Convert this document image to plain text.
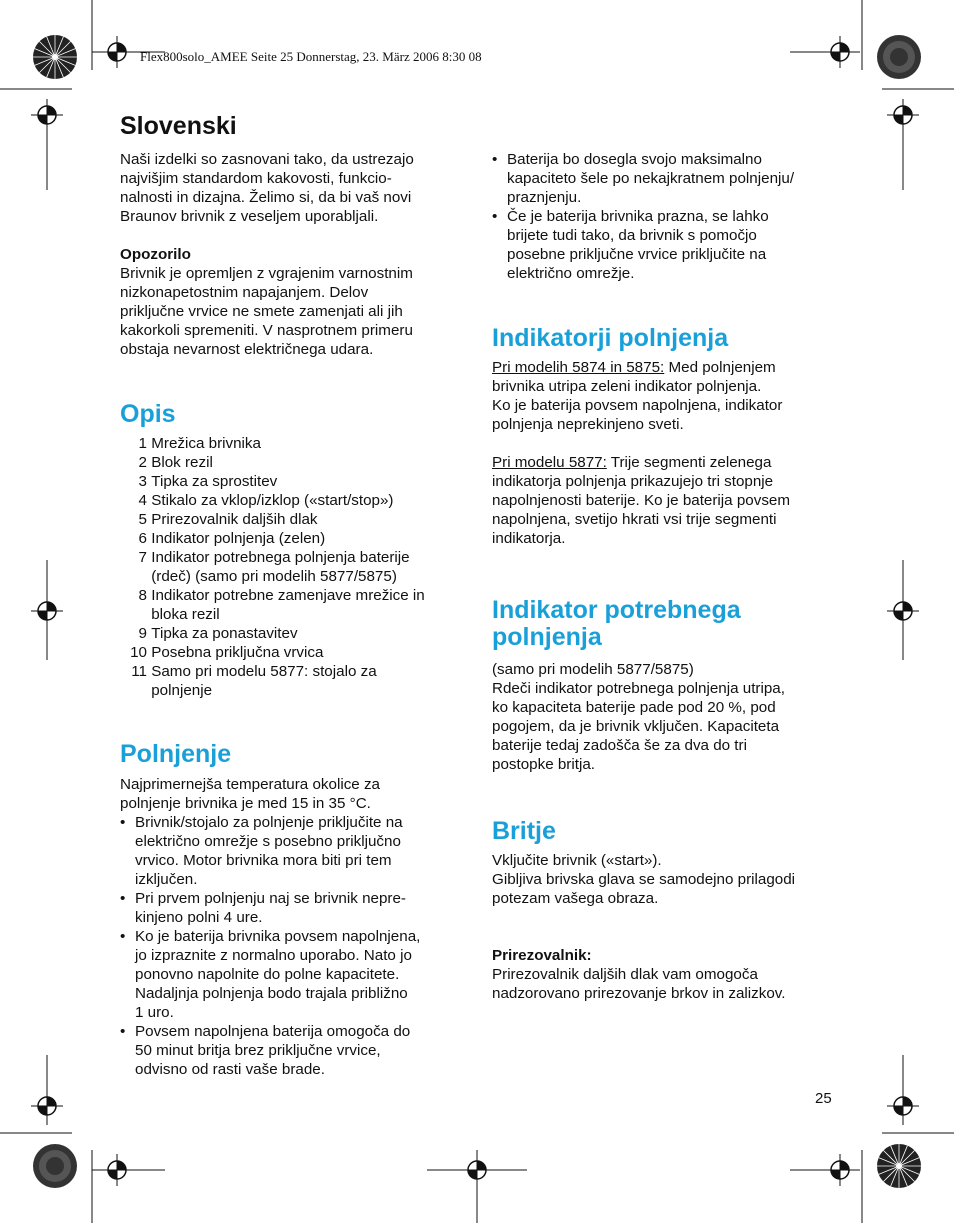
Flex800solo_AMEE Seite 25 Donnerstag, 23. März 2006 8:30 08
Slovenski

Naši izdelki so zasnovani tako, da ustrezajo
najvišjim standardom kakovosti, funkcio-
nalnosti in dizajna. Želimo si, da bi vaš novi
Braunov brivnik z veseljem uporabljali.

Opozorilo

Brivnik je opremljen z vgrajenim varnostnim
nizkonapetostnim napajanjem. Delov
priključne vrvice ne smete zamenjati ali jih
kakorkoli spremeniti. V nasprotnem primeru
obstaja nevarnost električnega udara.

Opis
1 Mrežica brivnika
2 Blok rezil
3 Tipka za sprostitev
4 Stikalo za vklop/izklop («start/stop»)
5 Prirezovalnik daljših dlak
6 Indikator polnjenja (zelen)
7 Indikator potrebnega polnjenja baterije
(rdeč) (samo pri modelih 5877/5875)
8 Indikator potrebne zamenjave mrežice in
bloka rezil
9 Tipka za ponastavitev
10 Posebna priključna vrvica
11 Samo pri modelu 5877: stojalo za
polnjenje
Polnjenje

Najprimernejša temperatura okolice za
polnjenje brivnika je med 15 in 35 °C.

• Brivnik/stojalo za polnjenje priključite na
električno omrežje s posebno priključno
vrvico. Motor brivnika mora biti pri tem
izključen.
• Pri prvem polnjenju naj se brivnik nepre-
kinjeno polni 4 ure.
• Ko je baterija brivnika povsem napolnjena,
jo izpraznite z normalno uporabo. Nato jo
ponovno napolnite do polne kapacitete.
Nadaljnja polnjenja bodo trajala približno
1 uro.
• Povsem napolnjena baterija omogoča do
50 minut britja brez priključne vrvice,
odvisno od rasti vaše brade.
• Baterija bo dosegla svojo maksimalno
kapaciteto šele po nekajkratnem polnjenju/
praznjenju.
• Če je baterija brivnika prazna, se lahko
brijete tudi tako, da brivnik s pomočjo
posebne priključne vrvice priključite na
električno omrežje.
Indikatorji polnjenja

Pri modelih 5874 in 5875: Med polnjenjem
brivnika utripa zeleni indikator polnjenja.
Ko je baterija povsem napolnjena, indikator
polnjenja neprekinjeno sveti.

Pri modelu 5877: Trije segmenti zelenega
indikatorja polnjenja prikazujejo tri stopnje
napolnjenosti baterije. Ko je baterija povsem
napolnjena, svetijo hkrati vsi trije segmenti
indikatorja.

Indikator potrebnega
polnjenja

(samo pri modelih 5877/5875)
Rdeči indikator potrebnega polnjenja utripa,
ko kapaciteta baterije pade pod 20 %, pod
pogojem, da je brivnik vključen. Kapaciteta
baterije tedaj zadošča še za dva do tri
postopke britja.

Britje

Vključite brivnik («start»).
Gibljiva brivska glava se samodejno prilagodi
potezam vašega obraza.

Prirezovalnik:

Prirezovalnik daljših dlak vam omogoča
nadzorovano prirezovanje brkov in zalizkov.

25
